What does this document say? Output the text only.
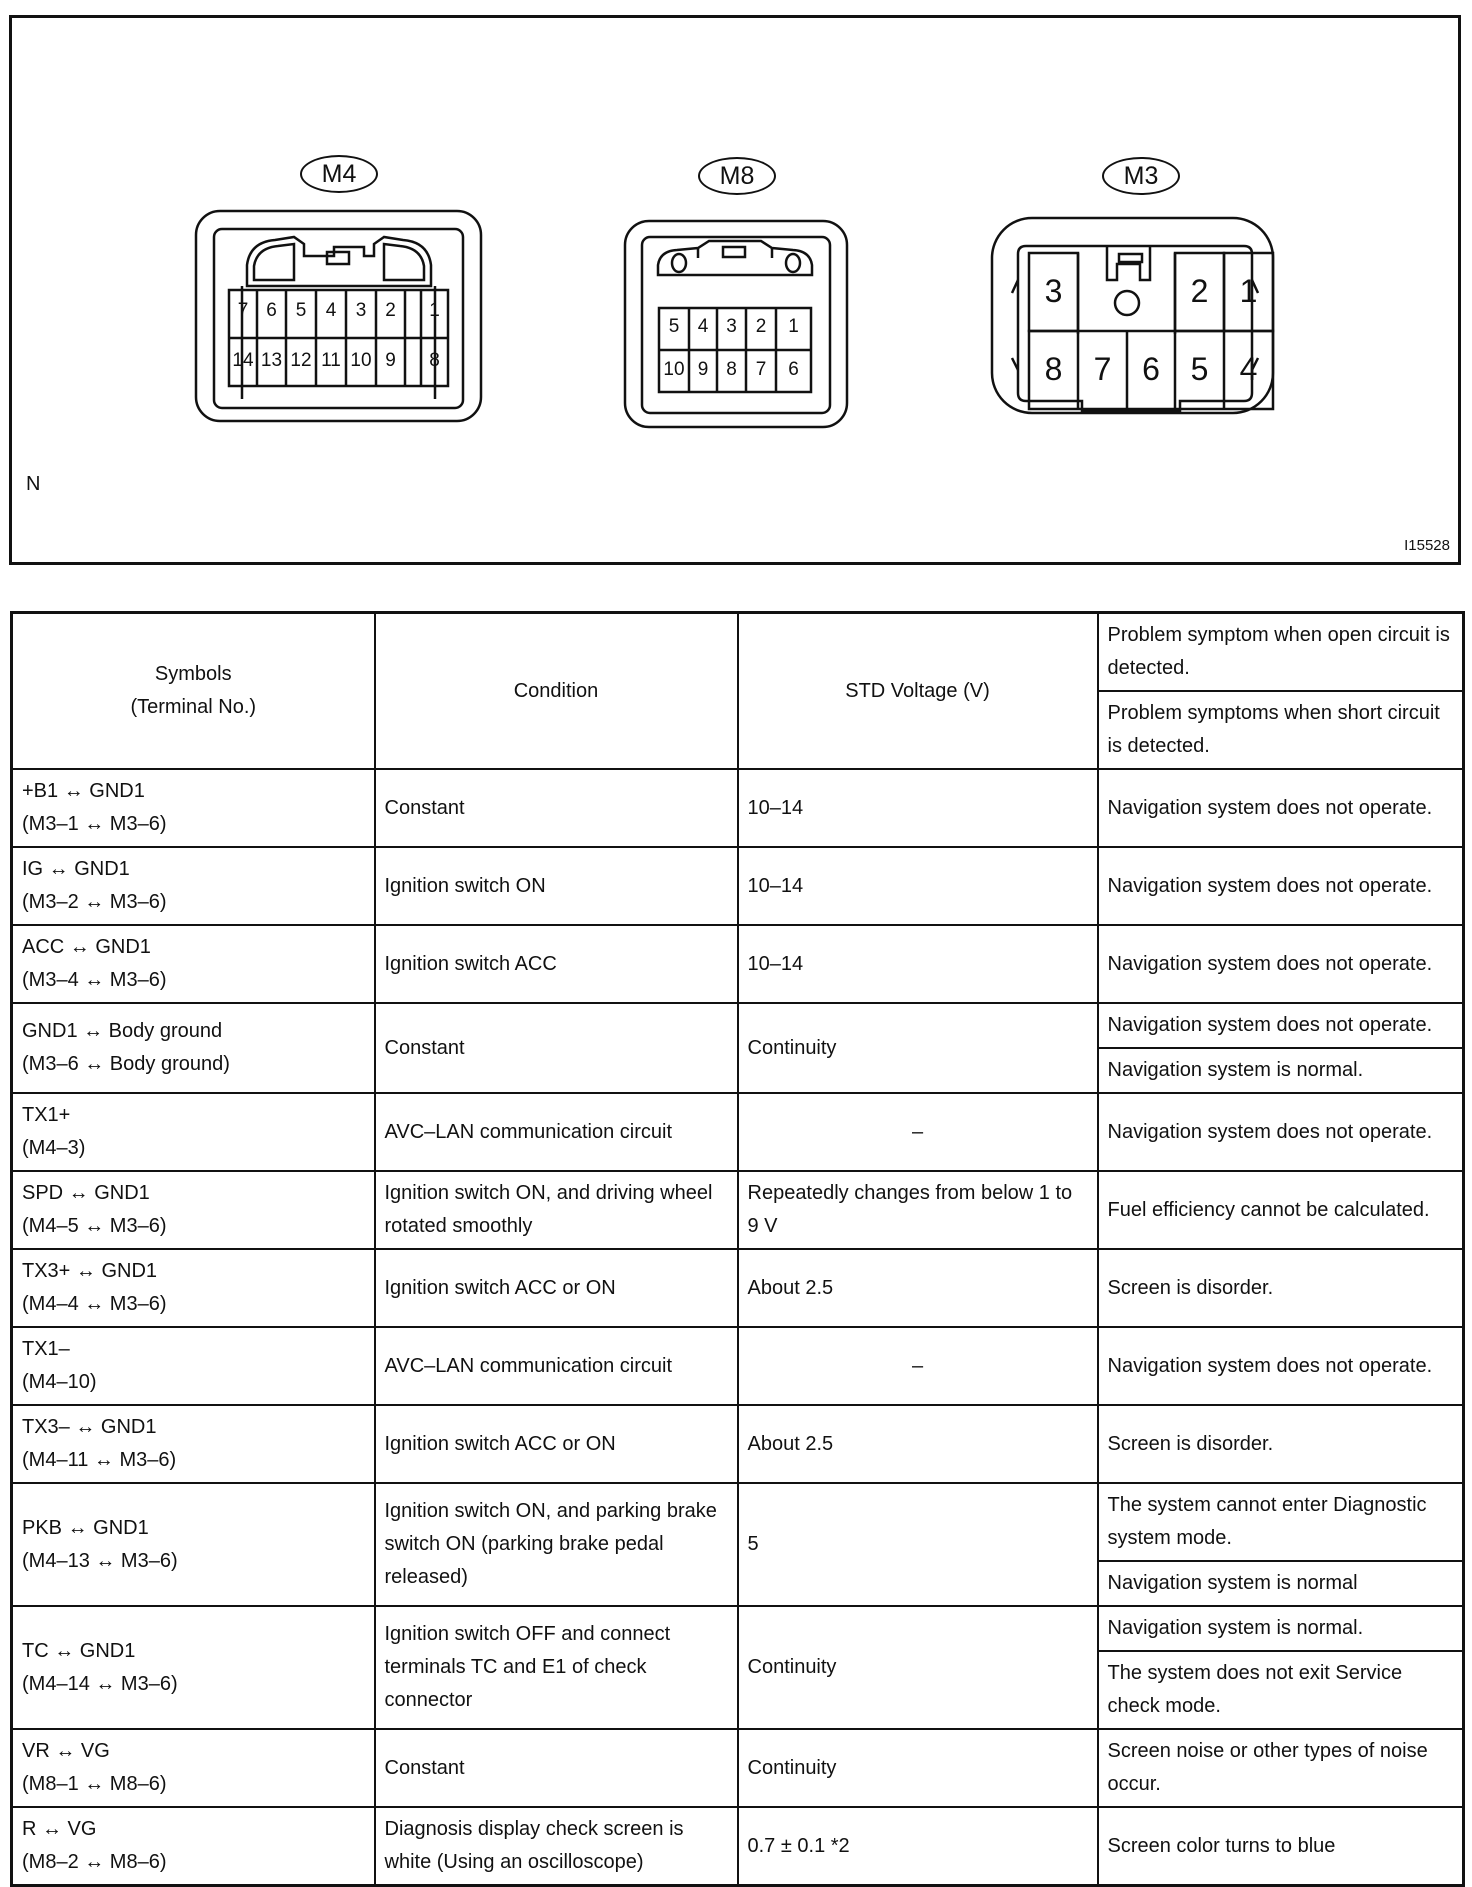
M4	M8	M3
7 6 5	4	3 2	1
14 13 12 11 10 9	8
5 4 3 2	1
10 9 8 7	6
3	2 1
8 7 6 5 4
N
I15528
Symbols
(Terminal No.)	Condition	STD Voltage (V)	Problem symptom when open circuit is detected.
			Problem symptoms when short circuit is detected.

+B1 ↔ GND1
(M3–1 ↔ M3–6)	Constant	10–14	Navigation system does not operate.

IG ↔ GND1
(M3–2 ↔ M3–6)	Ignition switch ON	10–14	Navigation system does not operate.

ACC ↔ GND1
(M3–4 ↔ M3–6)	Ignition switch ACC	10–14	Navigation system does not operate.

GND1 ↔ Body ground
(M3–6 ↔ Body ground)	Constant	Continuity	Navigation system does not operate.
			Navigation system is normal.

TX1+
(M4–3)	AVC–LAN communication circuit	–	Navigation system does not operate.

SPD ↔ GND1
(M4–5 ↔ M3–6)	Ignition switch ON, and driving wheel rotated smoothly	Repeatedly changes from below 1 to 9 V	Fuel efficiency cannot be calculated.

TX3+ ↔ GND1
(M4–4 ↔ M3–6)	Ignition switch ACC or ON	About 2.5	Screen is disorder.

TX1–
(M4–10)	AVC–LAN communication circuit	–	Navigation system does not operate.

TX3– ↔ GND1
(M4–11 ↔ M3–6)	Ignition switch ACC or ON	About 2.5	Screen is disorder.

PKB ↔ GND1
(M4–13 ↔ M3–6)	Ignition switch ON, and parking brake switch ON (parking brake pedal released)	5	The system cannot enter Diagnostic system mode.
			Navigation system is normal

TC ↔ GND1
(M4–14 ↔ M3–6)	Ignition switch OFF and connect terminals TC and E1 of check connector	Continuity	Navigation system is normal.
			The system does not exit Service check mode.

VR ↔ VG
(M8–1 ↔ M8–6)	Constant	Continuity	Screen noise or other types of noise occur.

R ↔ VG
(M8–2 ↔ M8–6)	Diagnosis display check screen is white (Using an oscilloscope)	0.7 ± 0.1 *2	Screen color turns to blue
